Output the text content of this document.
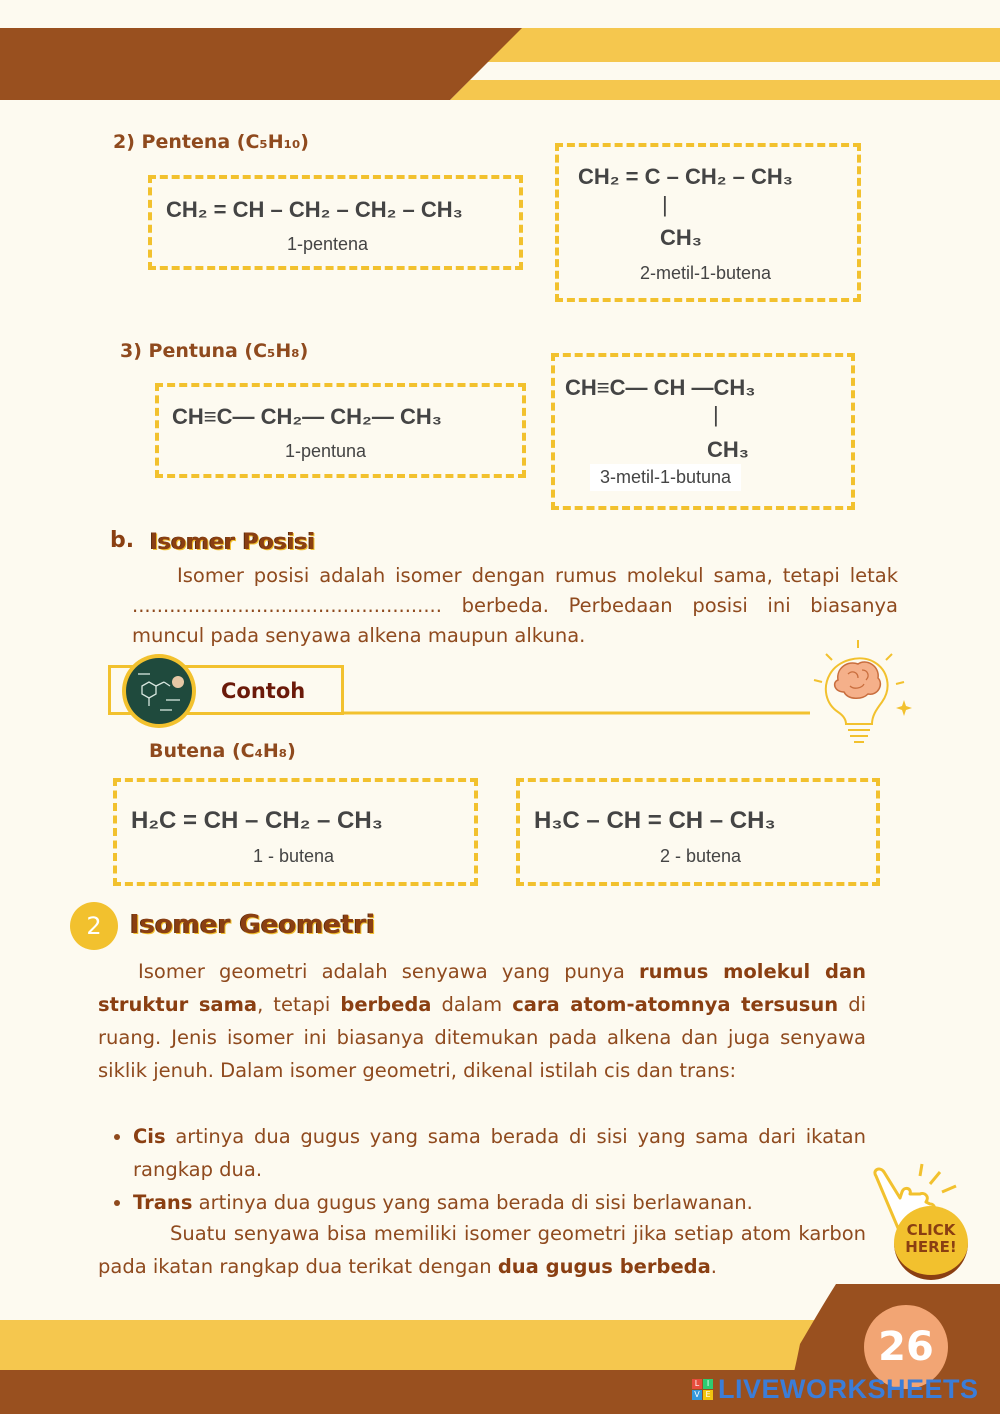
2) Pentena (C₅H₁₀)
CH₂ = CH – CH₂ – CH₂ – CH₃
1-pentena
CH₂ = C – CH₂ – CH₃
|
CH₃
2-metil-1-butena
3) Pentuna (C₅H₈)
CH≡C— CH₂— CH₂— CH₃
1-pentuna
CH≡C— CH —CH₃
|
CH₃
3-metil-1-butuna
b. Isomer Posisi
Isomer posisi adalah isomer dengan rumus molekul sama, tetapi letak .................................................. berbeda. Perbedaan posisi ini biasanya muncul pada senyawa alkena maupun alkuna.
Contoh
Butena (C₄H₈)
H₂C = CH – CH₂ – CH₃
1 - butena
H₃C – CH = CH – CH₃
2 - butena
2	Isomer Geometri
Isomer geometri adalah senyawa yang punya rumus molekul dan struktur sama, tetapi berbeda dalam cara atom-atomnya tersusun di ruang. Jenis isomer ini biasanya ditemukan pada alkena dan juga senyawa siklik jenuh. Dalam isomer geometri, dikenal istilah cis dan trans:
• Cis artinya dua gugus yang sama berada di sisi yang sama dari ikatan rangkap dua.
• Trans artinya dua gugus yang sama berada di sisi berlawanan.
Suatu senyawa bisa memiliki isomer geometri jika setiap atom karbon pada ikatan rangkap dua terikat dengan dua gugus berbeda.
26
CLICK
HERE!
L I
V E LIVEWORKSHEETS
